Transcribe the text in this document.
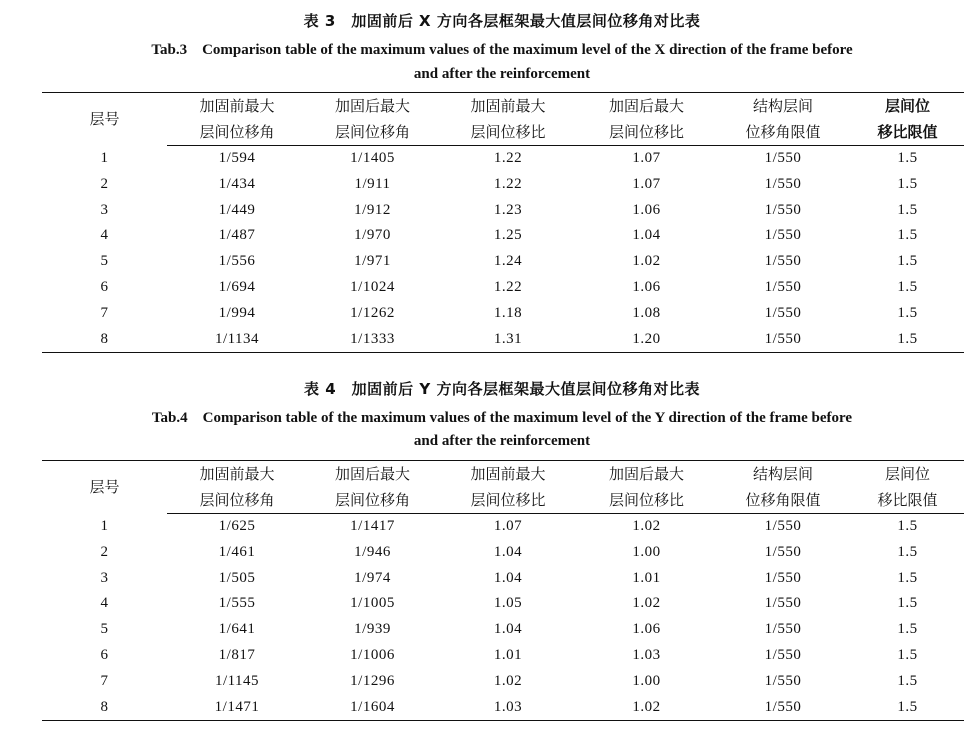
表 3　加固前后 X 方向各层框架最大值层间位移角对比表
Tab.3　Comparison table of the maximum values of the maximum level of the X direction of the frame before
and after the reinforcement
层号	加固前最大	加固后最大	加固前最大	加固后最大	结构层间	层间位
	层间位移角	层间位移角	层间位移比	层间位移比	位移角限值	移比限值
1	1/594	1/1405	1.22	1.07	1/550	1.5
2	1/434	1/911	1.22	1.07	1/550	1.5
3	1/449	1/912	1.23	1.06	1/550	1.5
4	1/487	1/970	1.25	1.04	1/550	1.5
5	1/556	1/971	1.24	1.02	1/550	1.5
6	1/694	1/1024	1.22	1.06	1/550	1.5
7	1/994	1/1262	1.18	1.08	1/550	1.5
8	1/1134	1/1333	1.31	1.20	1/550	1.5
表 4　加固前后 Y 方向各层框架最大值层间位移角对比表
Tab.4　Comparison table of the maximum values of the maximum level of the Y direction of the frame before
and after the reinforcement
层号	加固前最大	加固后最大	加固前最大	加固后最大	结构层间	层间位
	层间位移角	层间位移角	层间位移比	层间位移比	位移角限值	移比限值
1	1/625	1/1417	1.07	1.02	1/550	1.5
2	1/461	1/946	1.04	1.00	1/550	1.5
3	1/505	1/974	1.04	1.01	1/550	1.5
4	1/555	1/1005	1.05	1.02	1/550	1.5
5	1/641	1/939	1.04	1.06	1/550	1.5
6	1/817	1/1006	1.01	1.03	1/550	1.5
7	1/1145	1/1296	1.02	1.00	1/550	1.5
8	1/1471	1/1604	1.03	1.02	1/550	1.5
